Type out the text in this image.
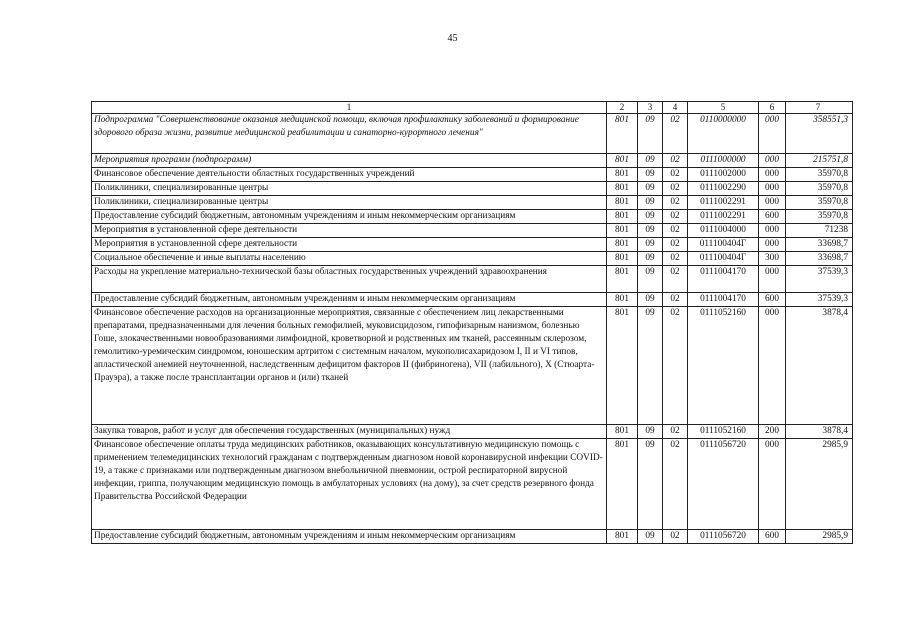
45
1	2	3	4	5	6	7
Подпрограмма "Совершенствование оказания медицинской помощи, включая профилактику заболеваний и формирование здорового образа жизни, развитие медицинской реабилитации и санаторно-курортного лечения"	801	09	02	0110000000	000	358551,3
Мероприятия программ (подпрограмм)	801	09	02	0111000000	000	215751,8
Финансовое обеспечение деятельности областных государственных учреждений	801	09	02	0111002000	000	35970,8
Поликлиники, специализированные центры	801	09	02	0111002290	000	35970,8
Поликлиники, специализированные центры	801	09	02	0111002291	000	35970,8
Предоставление субсидий бюджетным, автономным учреждениям и иным некоммерческим организациям	801	09	02	0111002291	600	35970,8
Мероприятия в установленной сфере деятельности	801	09	02	0111004000	000	71238
Мероприятия в установленной сфере деятельности	801	09	02	011100404Г	000	33698,7
Социальное обеспечение и иные выплаты населению	801	09	02	011100404Г	300	33698,7
Расходы на укрепление материально-технической базы областных государственных учреждений здравоохранения	801	09	02	0111004170	000	37539,3
Предоставление субсидий бюджетным, автономным учреждениям и иным некоммерческим организациям	801	09	02	0111004170	600	37539,3
Финансовое обеспечение расходов на организационные мероприятия, связанные с обеспечением лиц лекарственными препаратами, предназначенными для лечения больных гемофилией, муковисцидозом, гипофизарным нанизмом, болезнью Гоше, злокачественными новообразованиями лимфоидной, кроветворной и родственных им тканей, рассеянным склерозом, гемолитико-уремическим синдромом, юношеским артритом с системным началом, мукополисахаридозом I, II и VI типов, апластической анемией неуточненной, наследственным дефицитом факторов II (фибриногена), VII (лабильного), X (Стюарта-Прауэра), а также после трансплантации органов и (или) тканей	801	09	02	0111052160	000	3878,4
Закупка товаров, работ и услуг для обеспечения государственных (муниципальных) нужд	801	09	02	0111052160	200	3878,4
Финансовое обеспечение оплаты труда медицинских работников, оказывающих консультативную медицинскую помощь с применением телемедицинских технологий гражданам с подтвержденным диагнозом новой коронавирусной инфекции COVID-19, а также с признаками или подтвержденным диагнозом внебольничной пневмонии, острой респираторной вирусной инфекции, гриппа, получающим медицинскую помощь в амбулаторных условиях (на дому), за счет средств резервного фонда Правительства Российской Федерации	801	09	02	0111056720	000	2985,9
Предоставление субсидий бюджетным, автономным учреждениям и иным некоммерческим организациям	801	09	02	0111056720	600	2985,9
